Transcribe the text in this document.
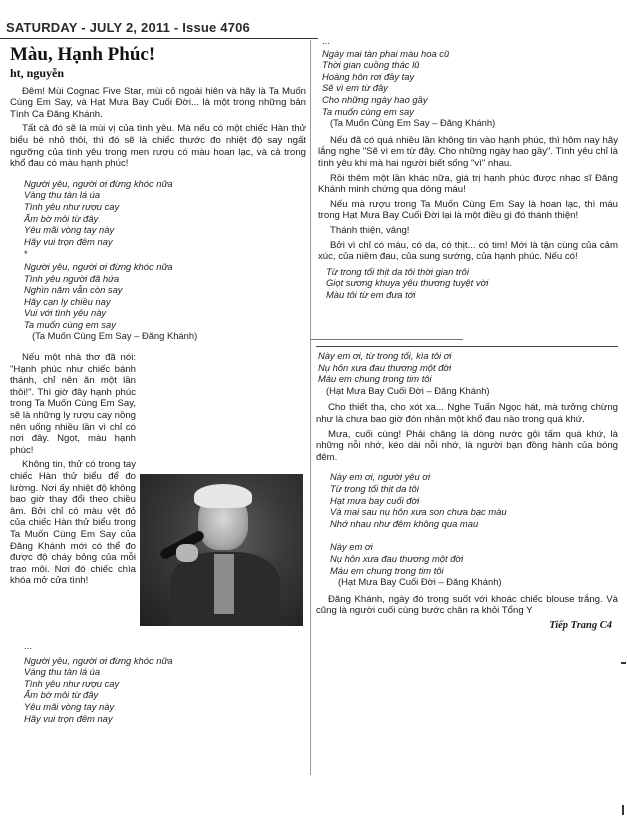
SATURDAY - JULY 2, 2011 - Issue 4706
Màu, Hạnh Phúc!
ht, nguyễn

Đêm! Mùi Cognac Five Star, mùi cỏ ngoài hiên và hãy là Ta Muốn Cùng Em Say, và Hạt Mưa Bay Cuối Đời... là một trong những bản Tình Ca Đăng Khánh.

Tất cả đó sẽ là mùi vị của tình yêu. Mà nếu có một chiếc Hàn thử biểu bé nhỏ thôi, thì đó sẽ là chiếc thước đo nhiệt độ say ngất ngưỡng của tình yêu trong men rượu có màu hoan lạc, và cả trong khổ đau có màu hạnh phúc!

Người yêu, người ơi đừng khóc nữa
Vàng thu tàn lá úa
Tình yêu như rượu cay
Ấm bờ môi từ đây
Yêu mãi vòng tay này
Hãy vui trọn đêm nay
*
Người yêu, người ơi đừng khóc nữa
Tình yêu người đã hứa
Nghìn năm vẫn còn say
Hãy cạn ly chiều nay
Vui với tình yêu này
Ta muốn cùng em say
(Ta Muốn Cùng Em Say – Đăng Khánh)

Nếu một nhà thơ đã nói: "Hạnh phúc như chiếc bánh thánh, chỉ nên ăn một lần thôi!". Thì giờ đây hạnh phúc trong Ta Muốn Cùng Em Say, sẽ là những ly rượu cay nồng nên uống nhiều lần vì chỉ có nơi đây. Ngọt, màu hạnh phúc!

Không tin, thử có trong tay chiếc Hàn thử biểu để đo lường. Nơi ấy nhiệt độ không bao giờ thay đổi theo chiều âm. Bởi chỉ có màu vệt đỏ của chiếc Hàn thử biểu trong Ta Muốn Cùng Em Say của Đăng Khánh mới có thể đo được độ cháy bỏng của mỗi trao môi. Nơi đó chiếc chìa khóa mở cửa tình!

...
Người yêu, người ơi đừng khóc nữa
Vàng thu tàn lá úa
Tình yêu như rượu cay
Ấm bờ môi từ đây
Yêu mãi vòng tay này
Hãy vui trọn đêm nay
...
Ngày mai tàn phai màu hoa cũ
Thời gian cuồng thác lũ
Hoàng hôn rơi đầy tay
Sẽ vì em từ đây
Cho những ngày hao gầy
Ta muốn cùng em say
(Ta Muốn Cùng Em Say – Đăng Khánh)

Nếu đã có quá nhiều lần không tin vào hạnh phúc, thì hôm nay hãy lắng nghe "Sẽ vì em từ đây. Cho những ngày hao gầy". Tình yêu chỉ là tình yêu khi mà hai người biết sống "vì" nhau.

Rồi thêm một lần khác nữa, giá trị hạnh phúc được nhạc sĩ Đăng Khánh minh chứng qua dòng máu!

Nếu mà rượu trong Ta Muốn Cùng Em Say là hoan lạc, thì máu trong Hạt Mưa Bay Cuối Đời lại là một điều gì đó thánh thiện!

Thánh thiện, vâng!

Bởi vì chỉ có máu, có da, có thịt... có tim! Mới là tận cùng của cảm xúc, của niềm đau, của sung sướng, của hạnh phúc. Nếu có!

Từ trong tối thịt da tôi thời gian trôi
Giọt sương khuya yêu thương tuyệt vời
Màu tôi từ em đưa tới
Này em ơi, từ trong tối, kìa tôi ơi
Nụ hôn xưa đau thương một đời
Máu em chung trong tim tôi
(Hạt Mưa Bay Cuối Đời – Đăng Khánh)

Cho thiết tha, cho xót xa... Nghe Tuấn Ngọc hát, mà tưởng chừng như là chưa bao giờ đón nhận một khổ đau nào trong quá khứ.

Mưa, cuối cùng! Phải chăng là dòng nước gội tấm quá khứ, là những nỗi nhớ, kéo dài nỗi nhớ, là người bạn đồng hành của bóng đêm.

Này em ơi, người yêu ơi
Từ trong tối thịt da tôi
Hạt mưa bay cuối đời
Và mai sau nụ hôn xưa son chưa bạc màu
Nhớ nhau như đêm không qua mau
Này em ơi
Nụ hôn xưa đau thương một đời
Máu em chung trong tim tôi
(Hạt Mưa Bay Cuối Đời – Đăng Khánh)

Đăng Khánh, ngày đó trong suốt với khoác chiếc blouse trắng. Và cũng là người cuối cùng bước chân ra khỏi Tổng Y

Tiếp Trang C4
